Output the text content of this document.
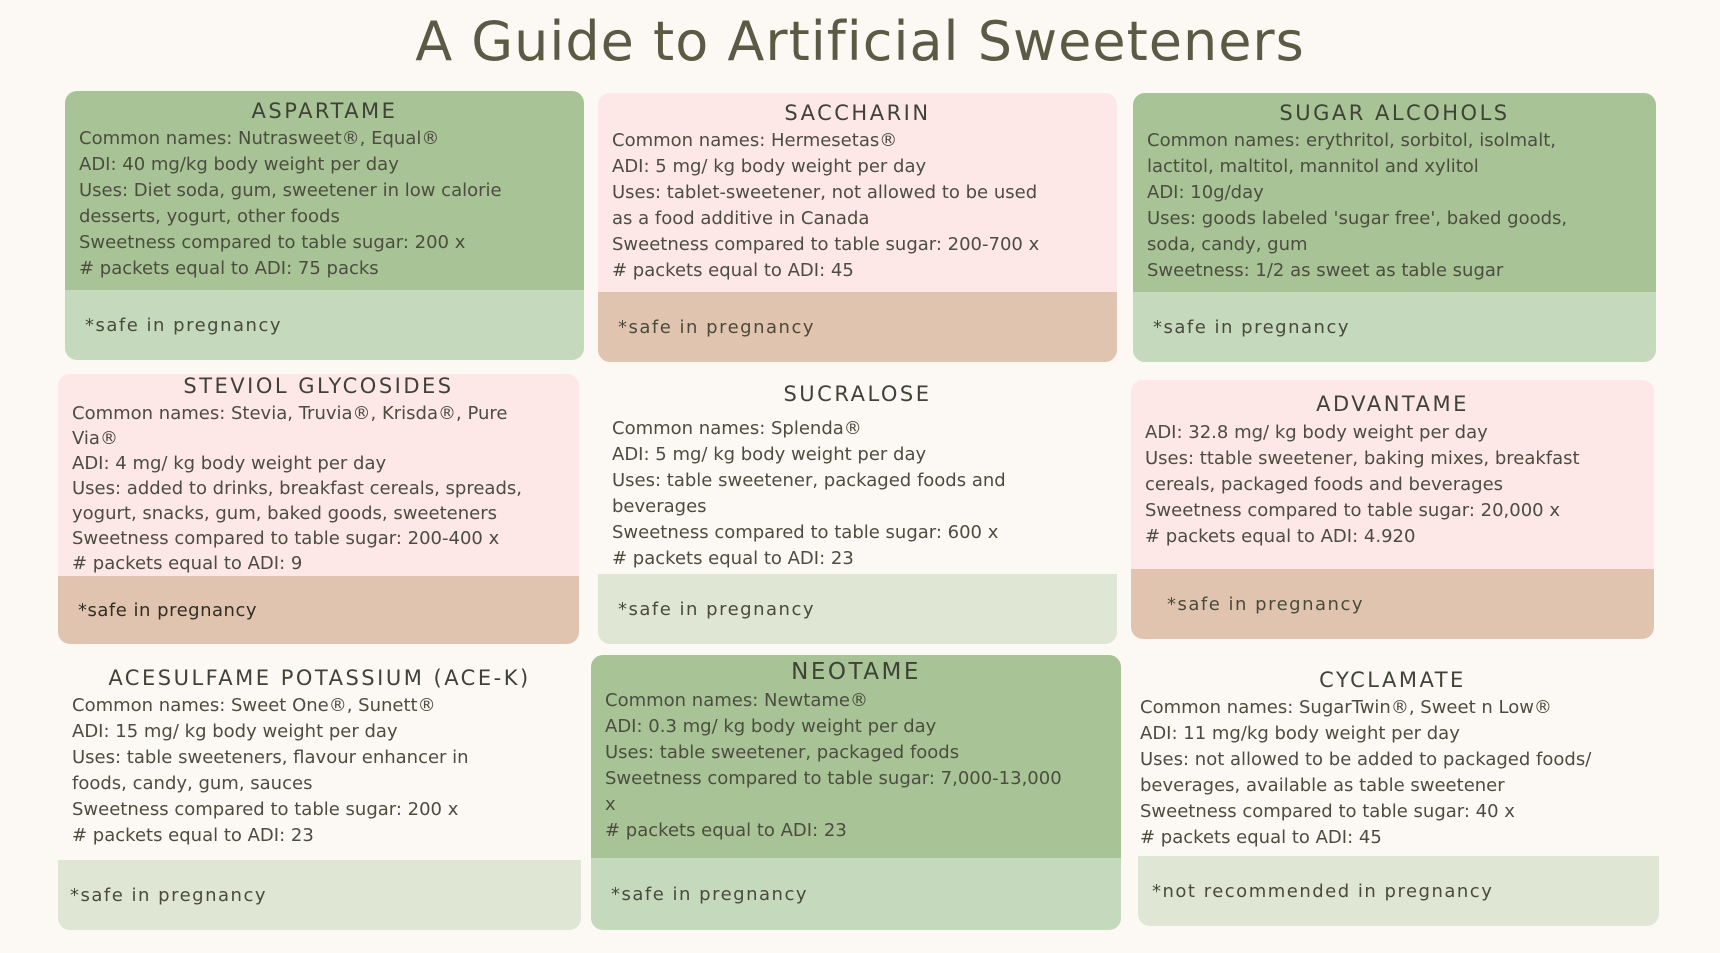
A Guide to Artificial Sweeteners
ASPARTAME
Common names: Nutrasweet®, Equal®
ADI: 40 mg/kg body weight per day
Uses: Diet soda, gum, sweetener in low calorie
desserts, yogurt, other foods
Sweetness compared to table sugar: 200 x
# packets equal to ADI: 75 packs
*safe in pregnancy
SACCHARIN
Common names: Hermesetas®
ADI: 5 mg/ kg body weight per day
Uses: tablet-sweetener, not allowed to be used
as a food additive in Canada
Sweetness compared to table sugar: 200-700 x
# packets equal to ADI: 45
*safe in pregnancy
SUGAR ALCOHOLS
Common names: erythritol, sorbitol, isolmalt,
lactitol, maltitol, mannitol and xylitol
ADI: 10g/day
Uses: goods labeled 'sugar free', baked goods,
soda, candy, gum
Sweetness: 1/2 as sweet as table sugar
*safe in pregnancy
STEVIOL GLYCOSIDES
Common names: Stevia, Truvia®, Krisda®, Pure
Via®
ADI: 4 mg/ kg body weight per day
Uses: added to drinks, breakfast cereals, spreads,
yogurt, snacks, gum, baked goods, sweeteners
Sweetness compared to table sugar: 200-400 x
# packets equal to ADI: 9
*safe in pregnancy
SUCRALOSE
Common names: Splenda®
ADI: 5 mg/ kg body weight per day
Uses: table sweetener, packaged foods and
beverages
Sweetness compared to table sugar: 600 x
# packets equal to ADI: 23
*safe in pregnancy
ADVANTAME
ADI: 32.8 mg/ kg body weight per day
Uses: ttable sweetener, baking mixes, breakfast
cereals, packaged foods and beverages
Sweetness compared to table sugar: 20,000 x
# packets equal to ADI: 4.920
*safe in pregnancy
ACESULFAME POTASSIUM (ACE-K)
Common names: Sweet One®, Sunett®
ADI: 15 mg/ kg body weight per day
Uses: table sweeteners, flavour enhancer in
foods, candy, gum, sauces
Sweetness compared to table sugar: 200 x
# packets equal to ADI: 23
*safe in pregnancy
NEOTAME
Common names: Newtame®
ADI: 0.3 mg/ kg body weight per day
Uses: table sweetener, packaged foods
Sweetness compared to table sugar: 7,000-13,000
x
# packets equal to ADI: 23
*safe in pregnancy
CYCLAMATE
Common names: SugarTwin®, Sweet n Low®
ADI: 11 mg/kg body weight per day
Uses: not allowed to be added to packaged foods/
beverages, available as table sweetener
Sweetness compared to table sugar: 40 x
# packets equal to ADI: 45
*not recommended in pregnancy
